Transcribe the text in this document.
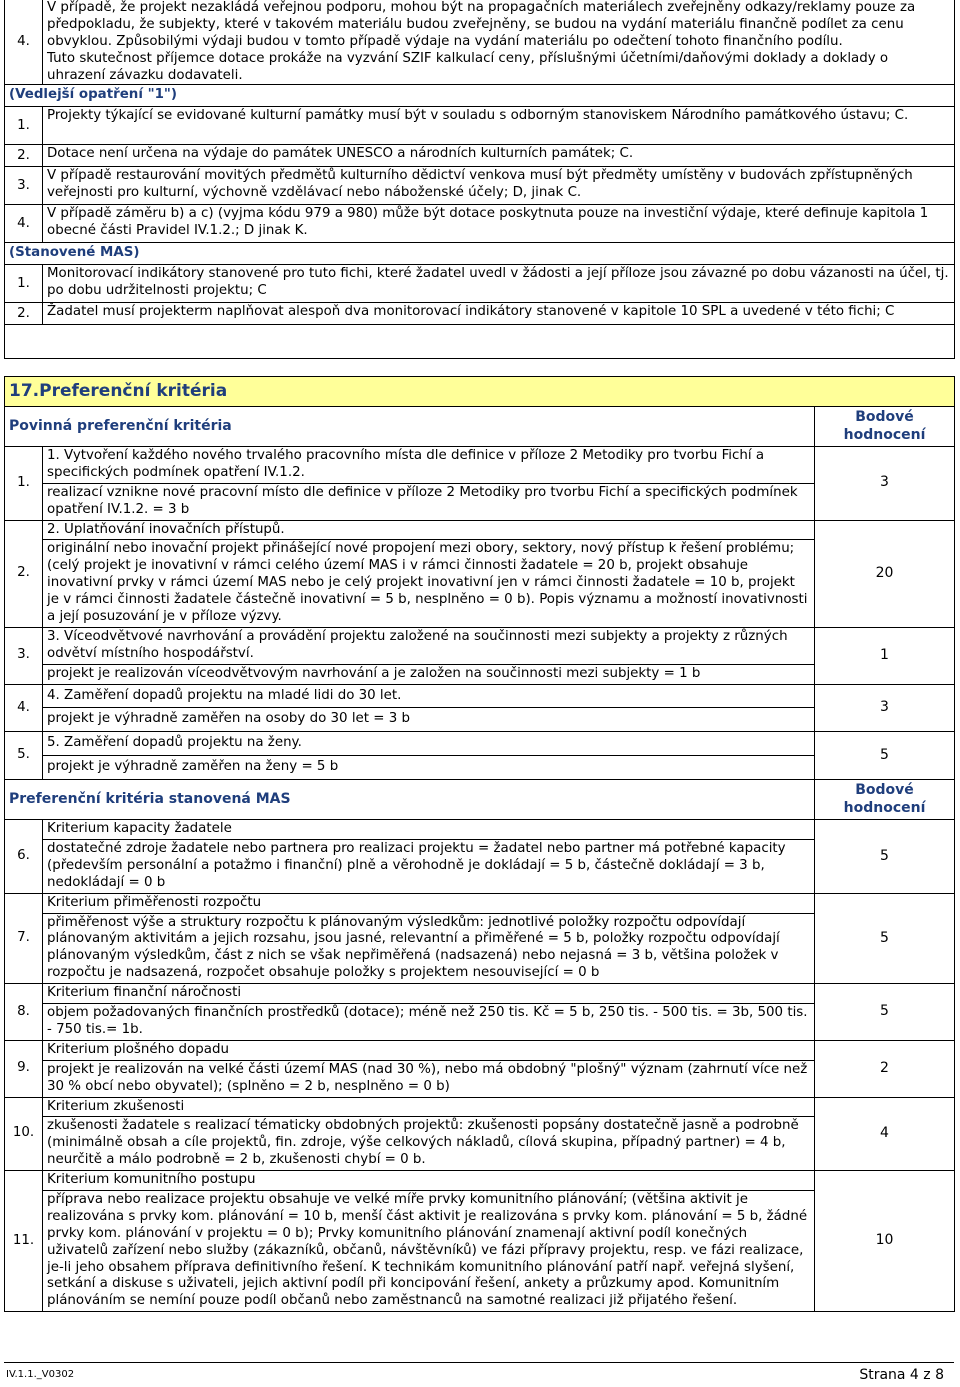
4.	V případě, že projekt nezakládá veřejnou podporu, mohou být na propagačních materiálech zveřejněny odkazy/reklamy pouze za předpokladu, že subjekty, které v takovém materiálu budou zveřejněny, se budou na vydání materiálu finančně podílet za cenu obvyklou. Způsobilými výdaji budou v tomto případě výdaje na vydání materiálu po odečtení tohoto finančního podílu.
Tuto skutečnost příjemce dotace prokáže na vyzvání SZIF kalkulací ceny, příslušnými účetními/daňovými doklady a doklady o uhrazení závazku dodavateli.

(Vedlejší opatření "1")	
1.	Projekty týkající se evidované kulturní památky musí být v souladu s odborným stanoviskem Národního památkového ústavu; C.
2.	Dotace není určena na výdaje do památek UNESCO a národních kulturních památek; C.
3.	V případě restaurování movitých předmětů kulturního dědictví venkova musí být předměty umístěny v budovách zpřístupněných veřejnosti pro kulturní, výchovně vzdělávací nebo náboženské účely; D, jinak C.
4.	V případě záměru b) a c) (vyjma kódu 979 a 980) může být dotace poskytnuta pouze na investiční výdaje, které definuje kapitola 1 obecné části Pravidel IV.1.2.; D jinak K.
(Stanovené MAS)	
1.	Monitorovací indikátory stanovené pro tuto fichi, které žadatel uvedl v žádosti a její příloze jsou závazné po dobu vázanosti na účel, tj. po dobu udržitelnosti projektu; C
2.	Žadatel musí projekterm naplňovat alespoň dva monitorovací indikátory stanovené v kapitole 10 SPL a uvedené v této fichi; C

17.Preferenční kritéria		
Povinná preferenční kritéria		Bodové hodnocení
1.	1. Vytvoření každého nového trvalého pracovního místa dle definice v příloze 2 Metodiky pro tvorbu Fichí a specifických podmínek opatření IV.1.2.
realizací vznikne nové pracovní místo dle definice v příloze 2 Metodiky pro tvorbu Fichí a specifických podmínek opatření IV.1.2. = 3 b	3
2.	2. Uplatňování inovačních přístupů.
originální nebo inovační projekt přinášející nové propojení mezi obory, sektory, nový přístup k řešení problému; (celý projekt je inovativní v rámci celého území MAS i v rámci činnosti žadatele = 20 b, projekt obsahuje inovativní prvky v rámci území MAS nebo je celý projekt inovativní jen v rámci činnosti žadatele = 10 b, projekt je v rámci činnosti žadatele částečně inovativní = 5 b, nesplněno = 0 b). Popis významu a možností inovativnosti a její posuzování je v příloze výzvy.	20
3.	3. Víceodvětvové navrhování a provádění projektu založené na součinnosti mezi subjekty a projekty z různých odvětví místního hospodářství.
projekt je realizován víceodvětvovým navrhování a je založen na součinnosti mezi subjekty = 1 b	1
4.	4. Zaměření dopadů projektu na mladé lidi do 30 let.
projekt je výhradně zaměřen na osoby do 30 let = 3 b	3
5.	5. Zaměření dopadů projektu na ženy.
projekt je výhradně zaměřen na ženy = 5 b	5
Preferenční kritéria stanovená MAS		Bodové hodnocení
6.	Kriterium kapacity žadatele
dostatečné zdroje žadatele nebo partnera pro realizaci projektu = žadatel nebo partner má potřebné kapacity (především personální a potažmo i finanční) plně a věrohodně je dokládají = 5 b, částečně dokládají = 3 b, nedokládají = 0 b	5
7.	Kriterium přiměřenosti rozpočtu
přiměřenost výše a struktury rozpočtu k plánovaným výsledkům: jednotlivé položky rozpočtu odpovídají plánovaným aktivitám a jejich rozsahu, jsou jasné, relevantní a přiměřené = 5 b, položky rozpočtu odpovídají plánovaným výsledkům, část z nich se však nepřiměřená (nadsazená) nebo nejasná = 3 b, většina položek v rozpočtu je nadsazená, rozpočet obsahuje položky s projektem nesouvisející = 0 b	5
8.	Kriterium finanční náročnosti
objem požadovaných finančních prostředků (dotace); méně než 250 tis. Kč = 5 b, 250 tis. - 500 tis. = 3b, 500 tis. - 750 tis.= 1b.	5
9.	Kriterium plošného dopadu
projekt je realizován na velké části území MAS (nad 30 %), nebo má obdobný "plošný" význam (zahrnutí více než 30 % obcí nebo obyvatel); (splněno = 2 b, nesplněno = 0 b)	2
10.	Kriterium zkušenosti
zkušenosti žadatele s realizací tématicky obdobných projektů: zkušenosti popsány dostatečně jasně a podrobně (minimálně obsah a cíle projektů, fin. zdroje, výše celkových nákladů, cílová skupina, případný partner) = 4 b, neurčitě a málo podrobně = 2 b, zkušenosti chybí = 0 b.	4
11.	Kriterium komunitního postupu
příprava nebo realizace projektu obsahuje ve velké míře prvky komunitního plánování; (většina aktivit je realizována s prvky kom. plánování = 10 b, menší část aktivit je realizována s prvky kom. plánování = 5 b, žádné prvky kom. plánování v projektu = 0 b); Prvky komunitního plánování znamenají aktivní podíl konečných uživatelů zařízení nebo služby (zákazníků, občanů, návštěvníků) ve fázi přípravy projektu, resp. ve fázi realizace, je-li jeho obsahem příprava definitivního řešení. K technikám komunitního plánování patří např. veřejná slyšení, setkání a diskuse s uživateli, jejich aktivní podíl při koncipování řešení, ankety a průzkumy apod. Komunitním plánováním se nemíní pouze podíl občanů nebo zaměstnanců na samotné realizaci již přijatého řešení.	10
IV.1.1._V0302	Strana 4 z 8
